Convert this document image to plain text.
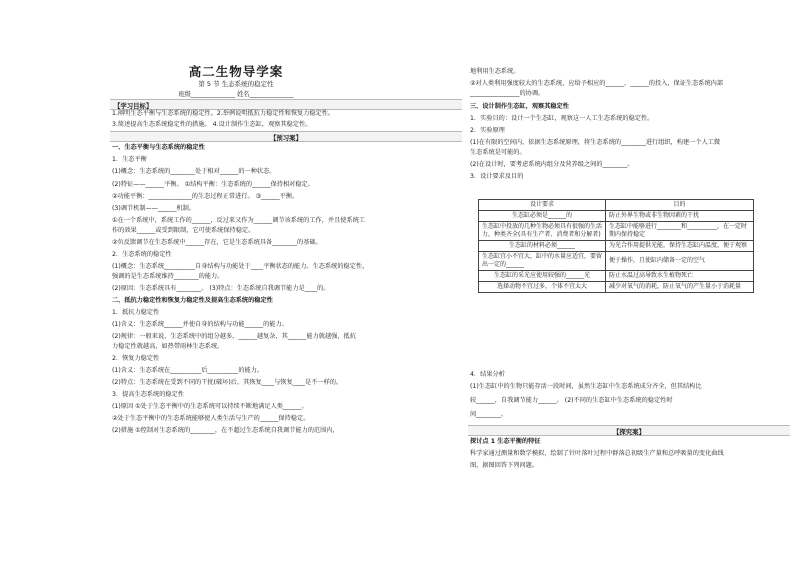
高二生物导学案
第 5 节 生态系统的稳定性
班级______________ 姓名______________
【学习目标】
1.阐明生态平衡与生态系统的稳定性。2.举例说明抵抗力稳定性和恢复力稳定性。
3.简述提高生态系统稳定性的措施。 4.设计制作生态缸，观察其稳定性。
【预习案】
一、生态平衡与生态系统的稳定性
1．生态平衡
(1)概念：生态系统的________处于相对______的一种状态。
(2)特征——______平衡。 ①结构平衡：生态系统的______保持相对稳定。
②功能平衡：______________的生态过程正常进行。 ③______平衡。
(3)调节机制——______机制。
①在一个系统中，系统工作的______，反过来又作为______调节该系统的工作，并且使系统工
作的效果______或受到限制，它可使系统保持稳定。
②负反馈调节在生态系统中______存在，它是生态系统具备________的基础。
2．生态系统的稳定性
(1)概念：生态系统__________自身结构与功能处于____平衡状态的能力。生态系统的稳定性，
强调的是生态系统维持________的能力。
(2)原因：生态系统具有________。 (3)特点：生态系统自我调节能力是____的。
二、抵抗力稳定性和恢复力稳定性及提高生态系统的稳定性
1．抵抗力稳定性
(1)含义：生态系统______并使自身的结构与功能______的能力。
(2)规律：一般来说，生态系统中的组分越多，______越复杂，其______能力就越强，抵抗
力稳定性就越高，如热带雨林生态系统。
2．恢复力稳定性
(1)含义：生态系统在__________后__________的能力。
(2)特点：生态系统在受到不同的干扰(破坏)后，其恢复____与恢复____是不一样的。
3．提高生态系统的稳定性
(1)原因 ①处于生态平衡中的生态系统可以持续不断地满足人类______。
②处于生态平衡中的生态系统能够使人类生活与生产的______保持稳定。
(2)措施 ①控制对生态系统的________，在不超过生态系统自我调节能力的范围内，
地利用生态系统。
②对人类利用强度较大的生态系统，应给予相应的______、______的投入，保证生态系统内部
________________的协调。
三、设计制作生态缸，观察其稳定性
1．实验目的：设计一个生态缸，观察这一人工生态系统的稳定性。
2．实验原理
(1)在有限的空间内，依据生态系统原理，将生态系统的________进行组织，构建一个人工微
生态系统是可能的。
(2)在设计时，要考虑系统内组分及营养级之间的________。
3．设计要求及目的
设计要求	目的
生态缸必须是______的	防止外界生物或非生物因素的干扰
生态缸中投放的几种生物必须具有很强的生活力，种类齐全(具有生产者、消费者和分解者)	生态缸中能够进行________和__________，在一定时期内保持稳定
生态缸的材料必须______	为光合作用提供光能，保持生态缸内温度，便于观察
生态缸宜小不宜大，缸中的水量应适宜，要留出一定的______	便于操作，且使缸内储备一定的空气
生态缸的采光应使用较强的______光	防止水温过高导致水生植物死亡
选择动物不宜过多，个体不宜太大	减少对氧气的消耗，防止氧气的产生量小于消耗量
4．结果分析
(1)生态缸中的生物只能存活一段时间，虽然生态缸中生态系统成分齐全，但其结构比
较______，自我调节能力______。 (2)不同的生态缸中生态系统的稳定性时
间________。
【探究案】
探讨点 1 生态平衡的特征
科学家通过测量和数学模拟，绘制了针叶落叶过程中群落总初级生产量和总呼吸量的变化曲线
图，据图回答下列问题。
